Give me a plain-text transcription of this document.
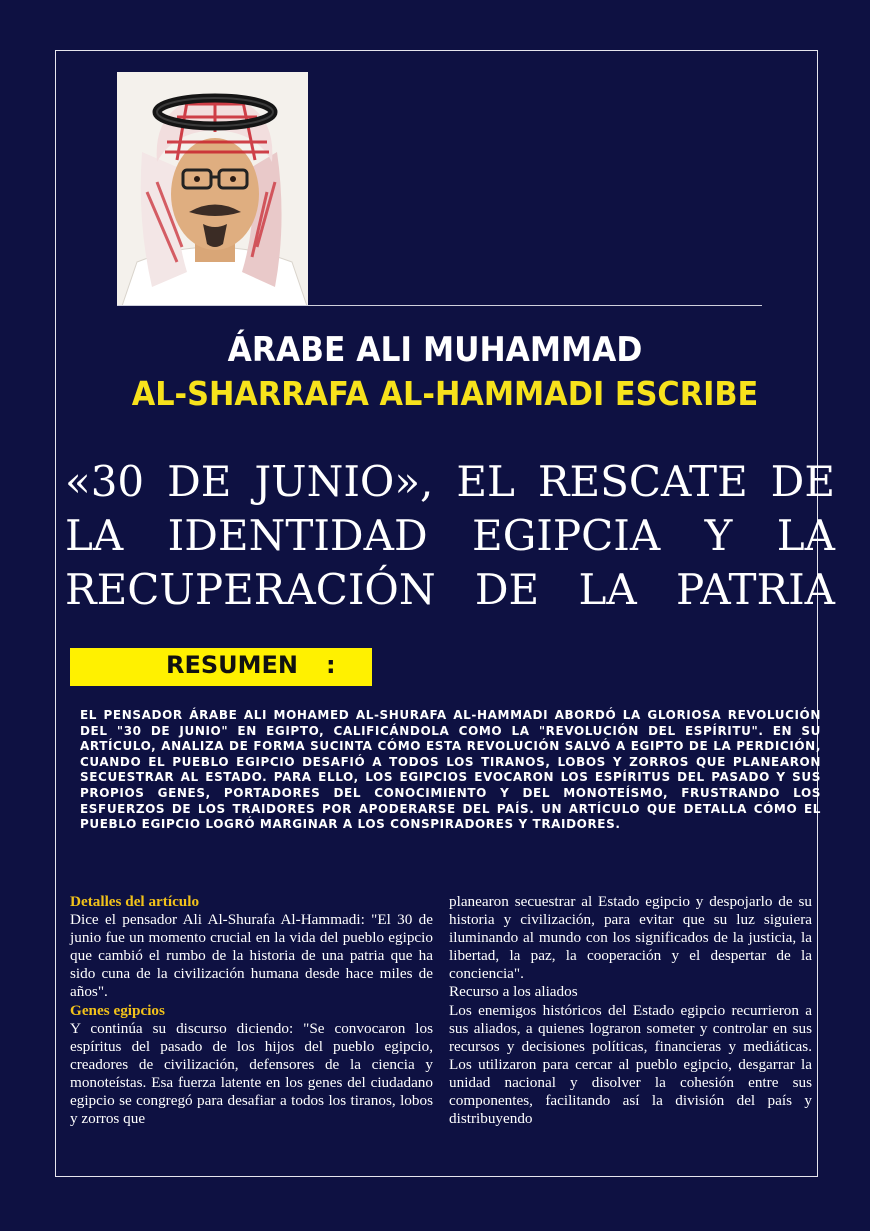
ÁRABE ALI MUHAMMAD
AL-SHARRAFA AL-HAMMADI ESCRIBE
«30 DE JUNIO», EL RESCATE DE
LA IDENTIDAD EGIPCIA Y LA
RECUPERACIÓN DE LA PATRIA
RESUMEN :
EL PENSADOR ÁRABE ALI MOHAMED AL-SHURAFA AL-HAMMADI ABORDÓ LA GLORIOSA REVOLUCIÓN DEL "30 DE JUNIO" EN EGIPTO, CALIFICÁNDOLA COMO LA "REVOLUCIÓN DEL ESPÍRITU". EN SU ARTÍCULO, ANALIZA DE FORMA SUCINTA CÓMO ESTA REVOLUCIÓN SALVÓ A EGIPTO DE LA PERDICIÓN, CUANDO EL PUEBLO EGIPCIO DESAFIÓ A TODOS LOS TIRANOS, LOBOS Y ZORROS QUE PLANEARON SECUESTRAR AL ESTADO. PARA ELLO, LOS EGIPCIOS EVOCARON LOS ESPÍRITUS DEL PASADO Y SUS PROPIOS GENES, PORTADORES DEL CONOCIMIENTO Y DEL MONOTEÍSMO, FRUSTRANDO LOS ESFUERZOS DE LOS TRAIDORES POR APODERARSE DEL PAÍS. UN ARTÍCULO QUE DETALLA CÓMO EL PUEBLO EGIPCIO LOGRÓ MARGINAR A LOS CONSPIRADORES Y TRAIDORES.

Detalles del artículo

Dice el pensador Ali Al-Shurafa Al-Hammadi: "El 30 de junio fue un momento crucial en la vida del pueblo egipcio que cambió el rumbo de la historia de una patria que ha sido cuna de la civilización humana desde hace miles de años".

Genes egipcios

Y continúa su discurso diciendo: "Se convocaron los espíritus del pasado de los hijos del pueblo egipcio, creadores de civilización, defensores de la ciencia y monoteístas. Esa fuerza latente en los genes del ciudadano egipcio se congregó para desafiar a todos los tiranos, lobos y zorros que

planearon secuestrar al Estado egipcio y despojarlo de su historia y civilización, para evitar que su luz siguiera iluminando al mundo con los significados de la justicia, la libertad, la paz, la cooperación y el despertar de la conciencia".

Recurso a los aliados

Los enemigos históricos del Estado egipcio recurrieron a sus aliados, a quienes lograron someter y controlar en sus recursos y decisiones políticas, financieras y mediáticas. Los utilizaron para cercar al pueblo egipcio, desgarrar la unidad nacional y disolver la cohesión entre sus componentes, facilitando así la división del país y distribuyendo
